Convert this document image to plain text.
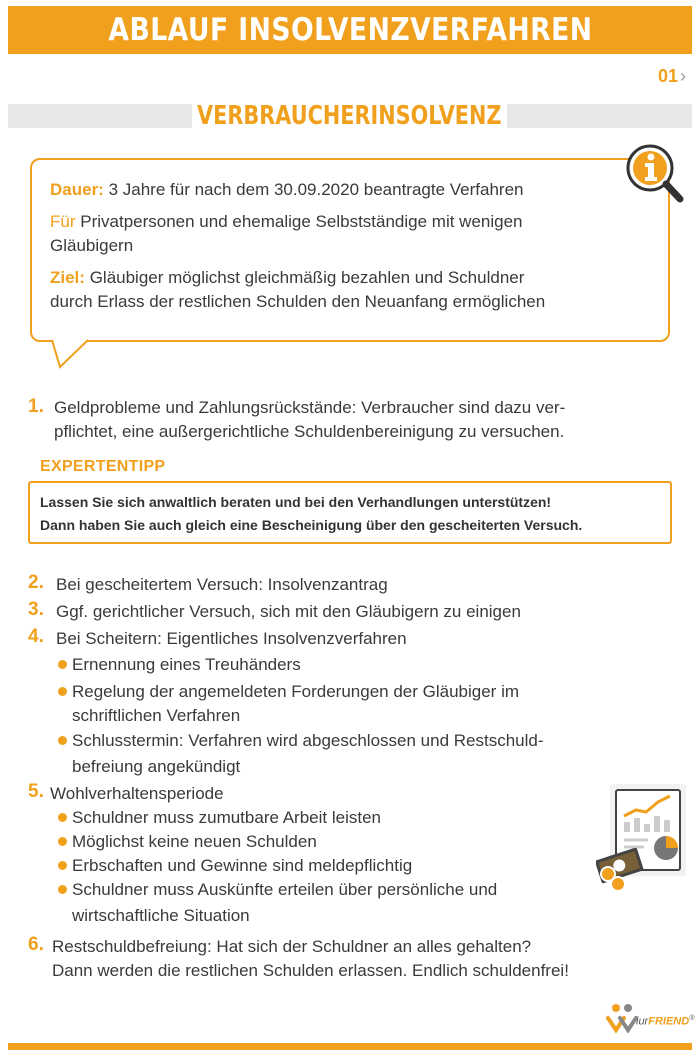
ABLAUF INSOLVENZVERFAHREN
01 ›
VERBRAUCHERINSOLVENZ

Dauer: 3 Jahre für nach dem 30.09.2020 beantragte Verfahren

Für Privatpersonen und ehemalige Selbstständige mit wenigen
Gläubigern

Ziel: Gläubiger möglichst gleichmäßig bezahlen und Schuldner
durch Erlass der restlichen Schulden den Neuanfang ermöglichen

1. Geldprobleme und Zahlungsrückstände: Verbraucher sind dazu ver-
pflichtet, eine außergerichtliche Schuldenbereinigung zu versuchen.

Lassen Sie sich anwaltlich beraten und bei den Verhandlungen unterstützen!

Dann haben Sie auch gleich eine Bescheinigung über den gescheiterten Versuch.

EXPERTENTIPP
2. Bei gescheitertem Versuch: Insolvenzantrag
3. Ggf. gerichtlicher Versuch, sich mit den Gläubigern zu einigen
4. Bei Scheitern: Eigentliches Insolvenzverfahren
Ernennung eines Treuhänders
Regelung der angemeldeten Forderungen der Gläubiger im
schriftlichen Verfahren
Schlusstermin: Verfahren wird abgeschlossen und Restschuld-
befreiung angekündigt
5. Wohlverhaltensperiode
Schuldner muss zumutbare Arbeit leisten
Möglichst keine neuen Schulden
Erbschaften und Gewinne sind meldepflichtig
Schuldner muss Auskünfte erteilen über persönliche und
wirtschaftliche Situation
6. Restschuldbefreiung: Hat sich der Schuldner an alles gehalten?
Dann werden die restlichen Schulden erlassen. Endlich schuldenfrei!
iurFRIEND®
